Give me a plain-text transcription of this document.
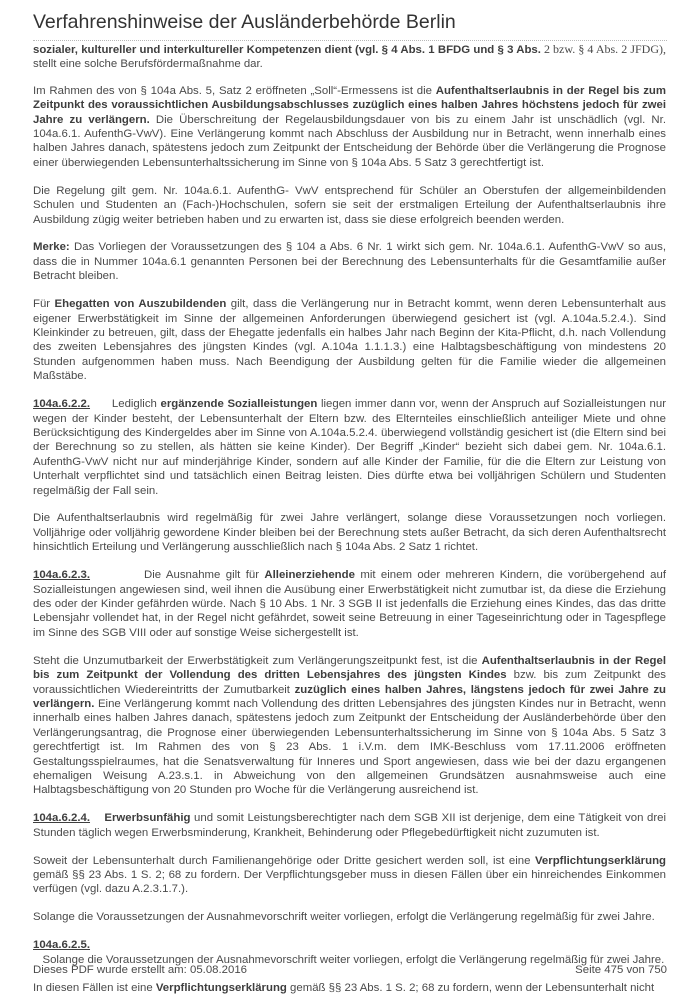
Verfahrenshinweise der Ausländerbehörde Berlin

sozialer, kultureller und interkultureller Kompetenzen dient (vgl. § 4 Abs. 1 BFDG und § 3 Abs. 2 bzw. § 4 Abs. 2 JFDG), stellt eine solche Berufsfördermaßnahme dar.

Im Rahmen des von § 104a Abs. 5, Satz 2 eröffneten „Soll“-Ermessens ist die Aufenthaltserlaubnis in der Regel bis zum Zeitpunkt des voraussichtlichen Ausbildungsabschlusses zuzüglich eines halben Jahres höchstens jedoch für zwei Jahre zu verlängern. Die Überschreitung der Regelausbildungsdauer von bis zu einem Jahr ist unschädlich (vgl. Nr. 104a.6.1. AufenthG-VwV). Eine Verlängerung kommt nach Abschluss der Ausbildung nur in Betracht, wenn innerhalb eines halben Jahres danach, spätestens jedoch zum Zeitpunkt der Entscheidung der Behörde über die Verlängerung die Prognose einer überwiegenden Lebensunterhaltssicherung im Sinne von § 104a Abs. 5 Satz 3 gerechtfertigt ist.

Die Regelung gilt gem. Nr. 104a.6.1. AufenthG- VwV entsprechend für Schüler an Oberstufen der allgemeinbildenden Schulen und Studenten an (Fach-)Hochschulen, sofern sie seit der erstmaligen Erteilung der Aufenthaltserlaubnis ihre Ausbildung zügig weiter betrieben haben und zu erwarten ist, dass sie diese erfolgreich beenden werden.

Merke: Das Vorliegen der Voraussetzungen des § 104 a Abs. 6 Nr. 1 wirkt sich gem. Nr. 104a.6.1. AufenthG-VwV so aus, dass die in Nummer 104a.6.1 genannten Personen bei der Berechnung des Lebensunterhalts für die Gesamtfamilie außer Betracht bleiben.

Für Ehegatten von Auszubildenden gilt, dass die Verlängerung nur in Betracht kommt, wenn deren Lebensunterhalt aus eigener Erwerbstätigkeit im Sinne der allgemeinen Anforderungen überwiegend gesichert ist (vgl. A.104a.5.2.4.). Sind Kleinkinder zu betreuen, gilt, dass der Ehegatte jedenfalls ein halbes Jahr nach Beginn der Kita-Pflicht, d.h. nach Vollendung des zweiten Lebensjahres des jüngsten Kindes (vgl. A.104a 1.1.1.3.) eine Halbtagsbeschäftigung von mindestens 20 Stunden aufgenommen haben muss. Nach Beendigung der Ausbildung gelten für die Familie wieder die allgemeinen Maßstäbe.

104a.6.2.2.      Lediglich ergänzende Sozialleistungen liegen immer dann vor, wenn der Anspruch auf Sozialleistungen nur wegen der Kinder besteht, der Lebensunterhalt der Eltern bzw. des Elternteiles einschließlich anteiliger Miete und ohne Berücksichtigung des Kindergeldes aber im Sinne von A.104a.5.2.4. überwiegend vollständig gesichert ist (die Eltern sind bei der Berechnung so zu stellen, als hätten sie keine Kinder). Der Begriff „Kinder“ bezieht sich dabei gem. Nr. 104a.6.1. AufenthG-VwV nicht nur auf minderjährige Kinder, sondern auf alle Kinder der Familie, für die die Eltern zur Leistung von Unterhalt verpflichtet sind und tatsächlich einen Beitrag leisten. Dies dürfte etwa bei volljährigen Schülern und Studenten regelmäßig der Fall sein.

Die Aufenthaltserlaubnis wird regelmäßig für zwei Jahre verlängert, solange diese Voraussetzungen noch vorliegen. Volljährige oder volljährig gewordene Kinder bleiben bei der Berechnung stets außer Betracht, da sich deren Aufenthaltsrecht hinsichtlich Erteilung und Verlängerung ausschließlich nach § 104a Abs. 2 Satz 1 richtet.

104a.6.2.3.          Die Ausnahme gilt für Alleinerziehende mit einem oder mehreren Kindern, die vorübergehend auf Sozialleistungen angewiesen sind, weil ihnen die Ausübung einer Erwerbstätigkeit nicht zumutbar ist, da diese die Erziehung des oder der Kinder gefährden würde. Nach § 10 Abs. 1 Nr. 3 SGB II ist jedenfalls die Erziehung eines Kindes, das das dritte Lebensjahr vollendet hat, in der Regel nicht gefährdet, soweit seine Betreuung in einer Tageseinrichtung oder in Tagespflege im Sinne des SGB VIII oder auf sonstige Weise sichergestellt ist.

Steht die Unzumutbarkeit der Erwerbstätigkeit zum Verlängerungszeitpunkt fest, ist die Aufenthaltserlaubnis in der Regel bis zum Zeitpunkt der Vollendung des dritten Lebensjahres des jüngsten Kindes bzw. bis zum Zeitpunkt des voraussichtlichen Wiedereintritts der Zumutbarkeit zuzüglich eines halben Jahres, längstens jedoch für zwei Jahre zu verlängern. Eine Verlängerung kommt nach Vollendung des dritten Lebensjahres des jüngsten Kindes nur in Betracht, wenn innerhalb eines halben Jahres danach, spätestens jedoch zum Zeitpunkt der Entscheidung der Ausländerbehörde über den Verlängerungsantrag, die Prognose einer überwiegenden Lebensunterhaltssicherung im Sinne von § 104a Abs. 5 Satz 3 gerechtfertigt ist. Im Rahmen des von § 23 Abs. 1 i.V.m. dem IMK-Beschluss vom 17.11.2006 eröffneten Gestaltungsspielraumes, hat die Senatsverwaltung für Inneres und Sport angewiesen, dass wie bei der dazu ergangenen ehemaligen Weisung A.23.s.1. in Abweichung von den allgemeinen Grundsätzen ausnahmsweise auch eine Halbtagsbeschäftigung von 20 Stunden pro Woche für die Verlängerung ausreichend ist.

104a.6.2.4. Erwerbsunfähig und somit Leistungsberechtigter nach dem SGB XII ist derjenige, dem eine Tätigkeit von drei Stunden täglich wegen Erwerbsminderung, Krankheit, Behinderung oder Pflegebedürftigkeit nicht zuzumuten ist.

Soweit der Lebensunterhalt durch Familienangehörige oder Dritte gesichert werden soll, ist eine Verpflichtungserklärung gemäß §§ 23 Abs. 1 S. 2; 68 zu fordern. Der Verpflichtungsgeber muss in diesen Fällen über ein hinreichendes Einkommen verfügen (vgl. dazu A.2.3.1.7.).

Solange die Voraussetzungen der Ausnahmevorschrift weiter vorliegen, erfolgt die Verlängerung regelmäßig für zwei Jahre.

104a.6.2.5.   Solange die Voraussetzungen der Ausnahmevorschrift weiter vorliegen, erfolgt die Verlängerung regelmäßig für zwei Jahre.

In diesen Fällen ist eine Verpflichtungserklärung gemäß §§ 23 Abs. 1 S. 2; 68 zu fordern, wenn der Lebensunterhalt nicht

Dieses PDF wurde erstellt am: 05.08.2016	Seite 475 von 750
